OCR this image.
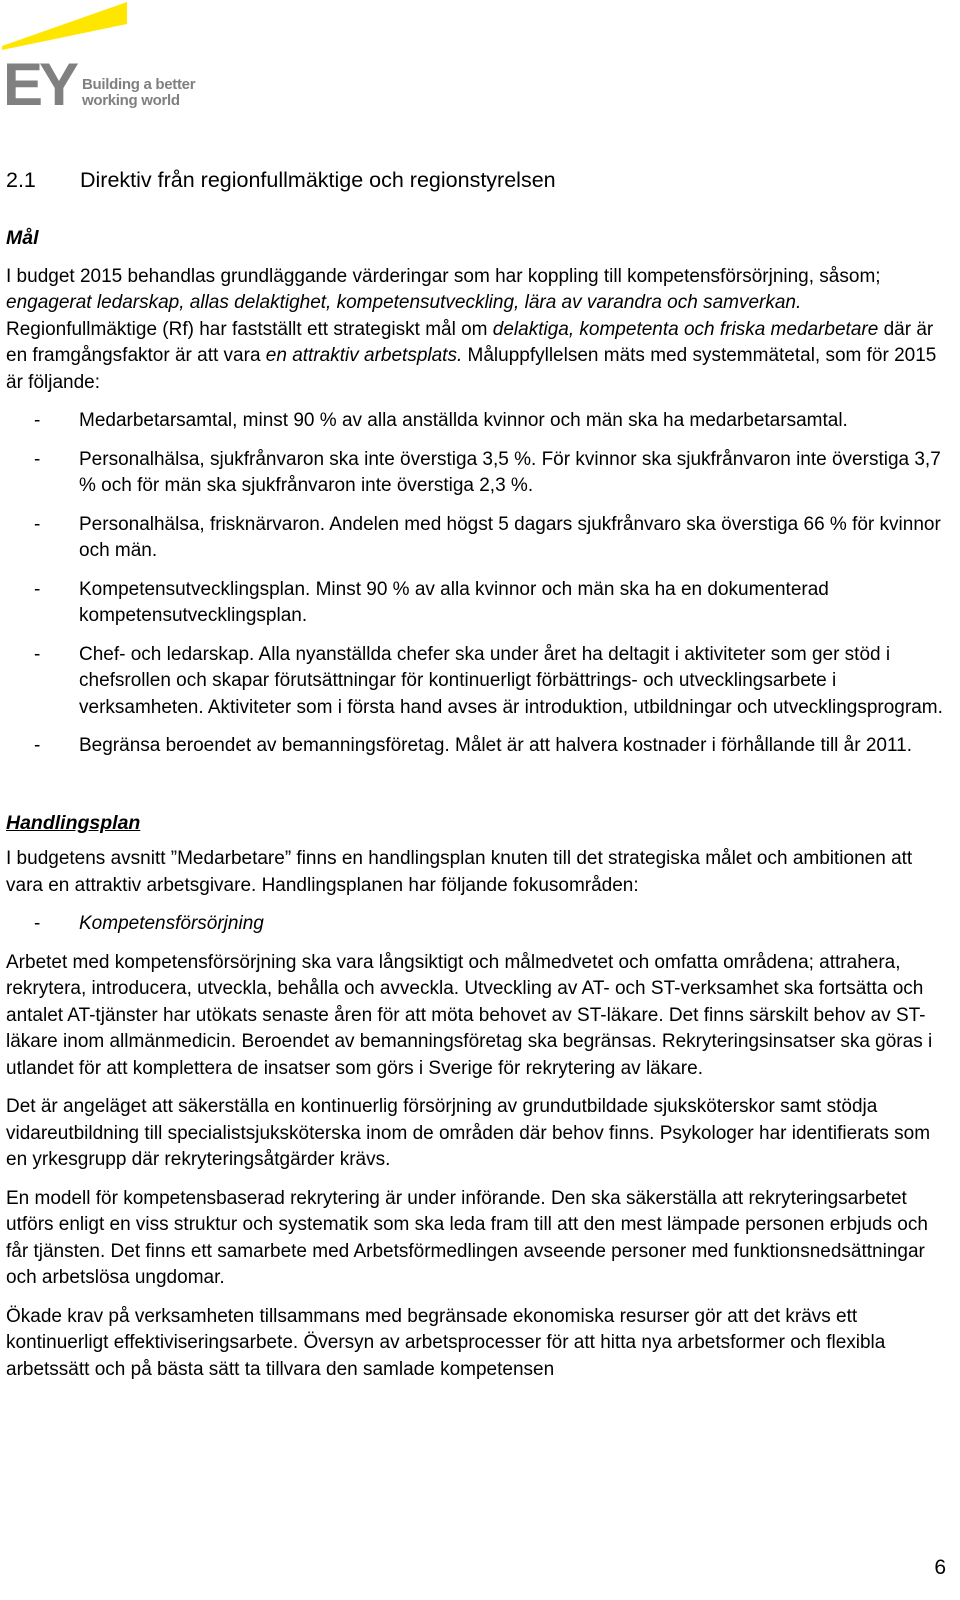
EY Building a better
working world
2.1	Direktiv från regionfullmäktige och regionstyrelsen
Mål

I budget 2015 behandlas grundläggande värderingar som har koppling till kompetensförsörjning, såsom; engagerat ledarskap, allas delaktighet, kompetensutveckling, lära av varandra och samverkan. Regionfullmäktige (Rf) har fastställt ett strategiskt mål om delaktiga, kompetenta och friska medarbetare där är en framgångsfaktor är att vara en attraktiv arbetsplats. Måluppfyllelsen mäts med systemmätetal, som för 2015 är följande:

-	Medarbetarsamtal, minst 90 % av alla anställda kvinnor och män ska ha medarbetarsamtal.
-	Personalhälsa, sjukfrånvaron ska inte överstiga 3,5 %. För kvinnor ska sjukfrånvaron inte överstiga 3,7 % och för män ska sjukfrånvaron inte överstiga 2,3 %.
-	Personalhälsa, frisknärvaron. Andelen med högst 5 dagars sjukfrånvaro ska överstiga 66 % för kvinnor och män.
-	Kompetensutvecklingsplan. Minst 90 % av alla kvinnor och män ska ha en dokumenterad kompetensutvecklingsplan.
-	Chef- och ledarskap. Alla nyanställda chefer ska under året ha deltagit i aktiviteter som ger stöd i chefsrollen och skapar förutsättningar för kontinuerligt förbättrings- och utvecklingsarbete i verksamheten. Aktiviteter som i första hand avses är introduktion, utbildningar och utvecklingsprogram.
-	Begränsa beroendet av bemanningsföretag. Målet är att halvera kostnader i förhållande till år 2011.
Handlingsplan

I budgetens avsnitt ”Medarbetare” finns en handlingsplan knuten till det strategiska målet och ambitionen att vara en attraktiv arbetsgivare. Handlingsplanen har följande fokusområden:

-	Kompetensförsörjning

Arbetet med kompetensförsörjning ska vara långsiktigt och målmedvetet och omfatta områdena; attrahera, rekrytera, introducera, utveckla, behålla och avveckla. Utveckling av AT- och ST-verksamhet ska fortsätta och antalet AT-tjänster har utökats senaste åren för att möta behovet av ST-läkare. Det finns särskilt behov av ST-läkare inom allmänmedicin. Beroendet av bemanningsföretag ska begränsas. Rekryteringsinsatser ska göras i utlandet för att komplettera de insatser som görs i Sverige för rekrytering av läkare.

Det är angeläget att säkerställa en kontinuerlig försörjning av grundutbildade sjuksköterskor samt stödja vidareutbildning till specialistsjuksköterska inom de områden där behov finns. Psykologer har identifierats som en yrkesgrupp där rekryteringsåtgärder krävs.

En modell för kompetensbaserad rekrytering är under införande. Den ska säkerställa att rekryteringsarbetet utförs enligt en viss struktur och systematik som ska leda fram till att den mest lämpade personen erbjuds och får tjänsten. Det finns ett samarbete med Arbetsförmedlingen avseende personer med funktionsnedsättningar och arbetslösa ungdomar.

Ökade krav på verksamheten tillsammans med begränsade ekonomiska resurser gör att det krävs ett kontinuerligt effektiviseringsarbete. Översyn av arbetsprocesser för att hitta nya arbetsformer och flexibla arbetssätt och på bästa sätt ta tillvara den samlade kompetensen

6
